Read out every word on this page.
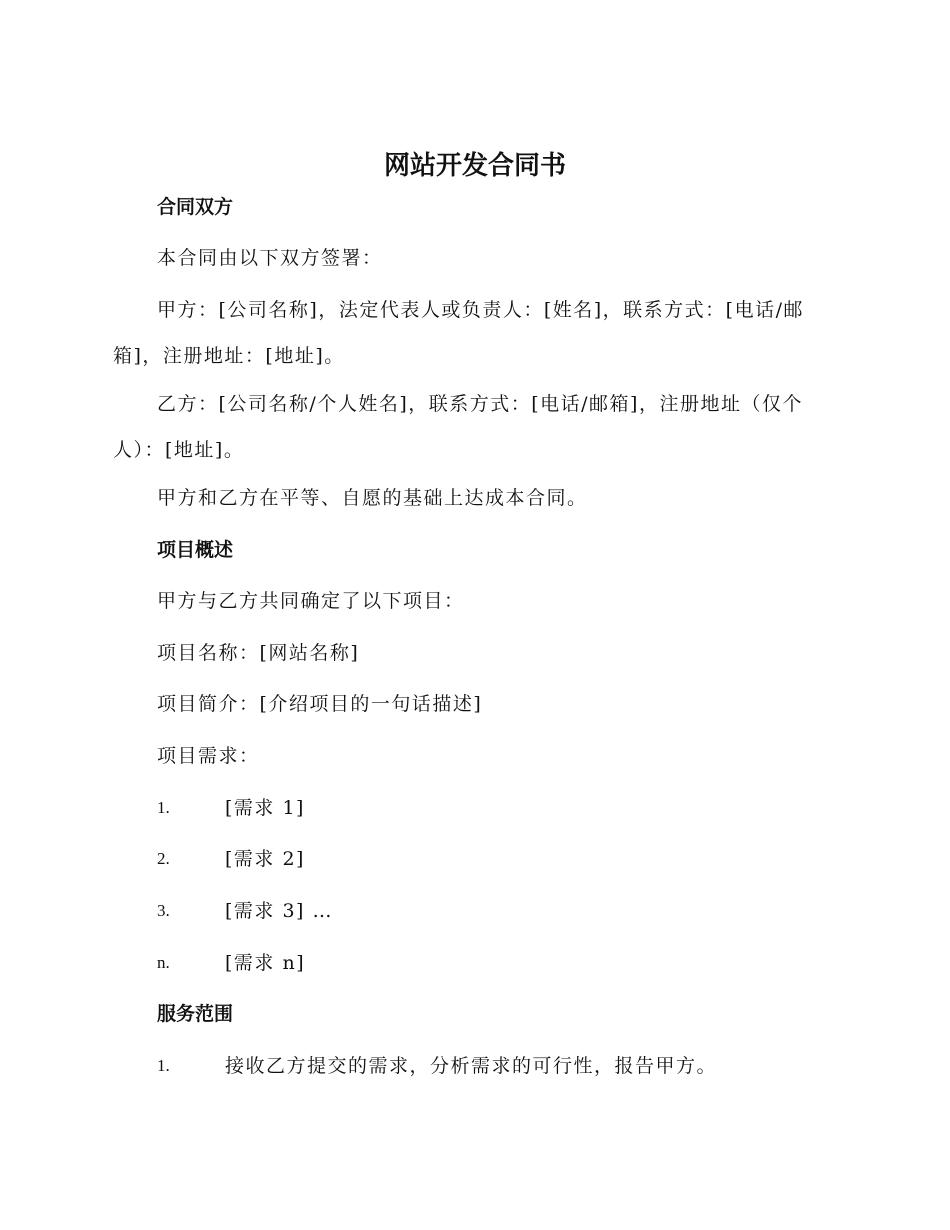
网站开发合同书
合同双方

本合同由以下双方签署：

甲方：[公司名称]，法定代表人或负责人：[姓名]，联系方式：[电话/邮箱]，注册地址：[地址]。

乙方：[公司名称/个人姓名]，联系方式：[电话/邮箱]，注册地址（仅个人）：[地址]。

甲方和乙方在平等、自愿的基础上达成本合同。

项目概述

甲方与乙方共同确定了以下项目：

项目名称：[网站名称]

项目简介：[介绍项目的一句话描述]

项目需求：

1.	[需求 1]
2.	[需求 2]
3.	[需求 3] …
n.	[需求 n]
服务范围
1.	接收乙方提交的需求，分析需求的可行性，报告甲方。
